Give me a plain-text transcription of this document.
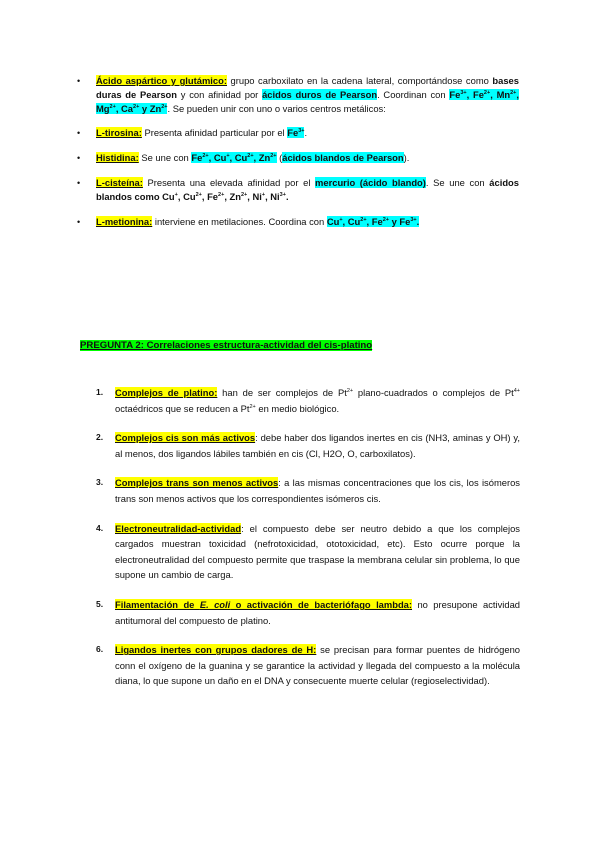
• Ácido aspártico y glutámico: grupo carboxilato en la cadena lateral, comportándose como bases duras de Pearson y con afinidad por ácidos duros de Pearson. Coordinan con $Fe^{3+}$, $Fe^{2+}$, $Mn^{2+}$, $Mg^{2+}$, $Ca^{2+}$ y $Zn^{2+}$. Se pueden unir con uno o varios centros metálicos:
• L-tirosina: Presenta afinidad particular por el $Fe^{3+}$.
• Histidina: Se une con $Fe^{2+}$, Cu+, $Cu^{2+}$, $Zn^{2+}$ (ácidos blandos de Pearson).
• L-cisteína: Presenta una elevada afinidad por el mercurio (ácido blando). Se une con ácidos blandos como Cu+, $Cu^{2+}$, $Fe^{2+}$, $Zn^{2+}$, Ni+, $Ni^{3+}$.
• L-metionina: interviene en metilaciones. Coordina con Cu+, $Cu^{2+}$, $Fe^{2+}$ y $Fe^{3+}$.
PREGUNTA 2: Correlaciones estructura-actividad del cis-platino
1. Complejos de platino: han de ser complejos de $Pt^{2+}$ plano-cuadrados o complejos de $Pt^{4+}$ octaédricos que se reducen a $Pt^{2+}$ en medio biológico.
2. Complejos cis son más activos: debe haber dos ligandos inertes en cis (NH3, aminas y OH) y, al menos, dos ligandos lábiles también en cis (Cl, H2O, O, carboxilatos).
3. Complejos trans son menos activos: a las mismas concentraciones que los cis, los isómeros trans son menos activos que los correspondientes isómeros cis.
4. Electroneutralidad-actividad: el compuesto debe ser neutro debido a que los complejos cargados muestran toxicidad (nefrotoxicidad, ototoxicidad, etc). Esto ocurre porque la electroneutralidad del compuesto permite que traspase la membrana celular sin problema, lo que supone un cambio de carga.
5. Filamentación de E. coli o activación de bacteriófago lambda: no presupone actividad antitumoral del compuesto de platino.
6. Ligandos inertes con grupos dadores de H: se precisan para formar puentes de hidrógeno conn el oxígeno de la guanina y se garantice la actividad y llegada del compuesto a la molécula diana, lo que supone un daño en el DNA y consecuente muerte celular (regioselectividad).
